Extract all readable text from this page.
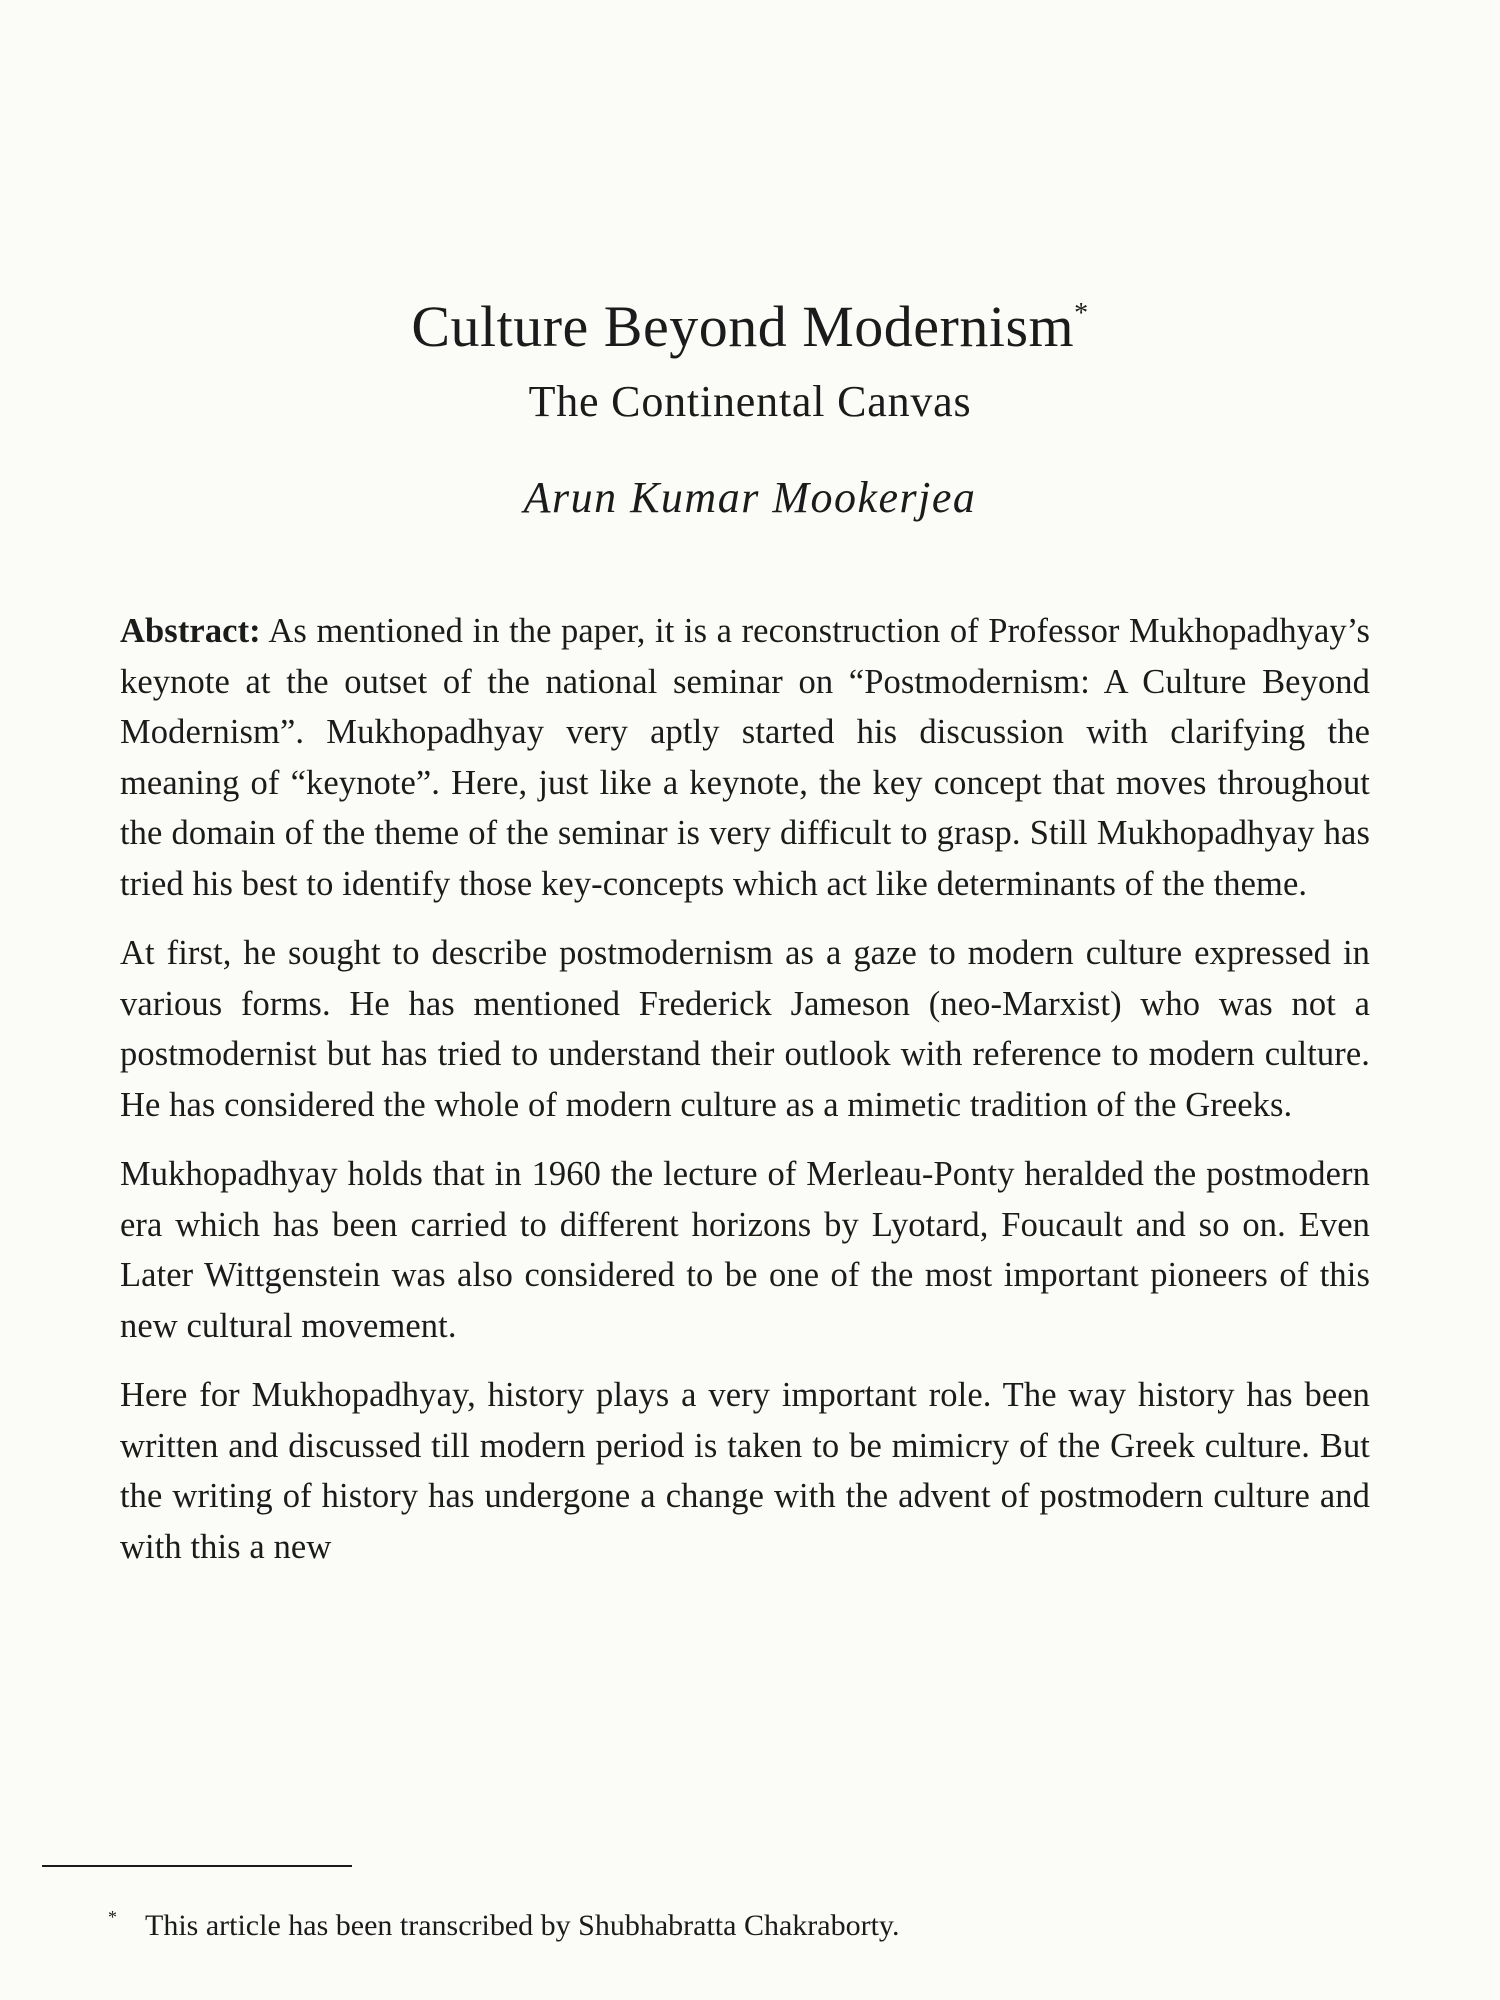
Culture Beyond Modernism*
The Continental Canvas

Arun Kumar Mookerjea

Abstract: As mentioned in the paper, it is a reconstruction of Professor Mukhopadhyay’s keynote at the outset of the national seminar on “Postmodernism: A Culture Beyond Modernism”. Mukhopadhyay very aptly started his discussion with clarifying the meaning of “keynote”. Here, just like a keynote, the key concept that moves throughout the domain of the theme of the seminar is very difficult to grasp. Still Mukhopadhyay has tried his best to identify those key-concepts which act like determinants of the theme.

At first, he sought to describe postmodernism as a gaze to modern culture expressed in various forms. He has mentioned Frederick Jameson (neo-Marxist) who was not a postmodernist but has tried to understand their outlook with reference to modern culture. He has considered the whole of modern culture as a mimetic tradition of the Greeks.

Mukhopadhyay holds that in 1960 the lecture of Merleau-Ponty heralded the postmodern era which has been carried to different horizons by Lyotard, Foucault and so on. Even Later Wittgenstein was also considered to be one of the most important pioneers of this new cultural movement.

Here for Mukhopadhyay, history plays a very important role. The way history has been written and discussed till modern period is taken to be mimicry of the Greek culture. But the writing of history has undergone a change with the advent of postmodern culture and with this a new

* This article has been transcribed by Shubhabratta Chakraborty.
